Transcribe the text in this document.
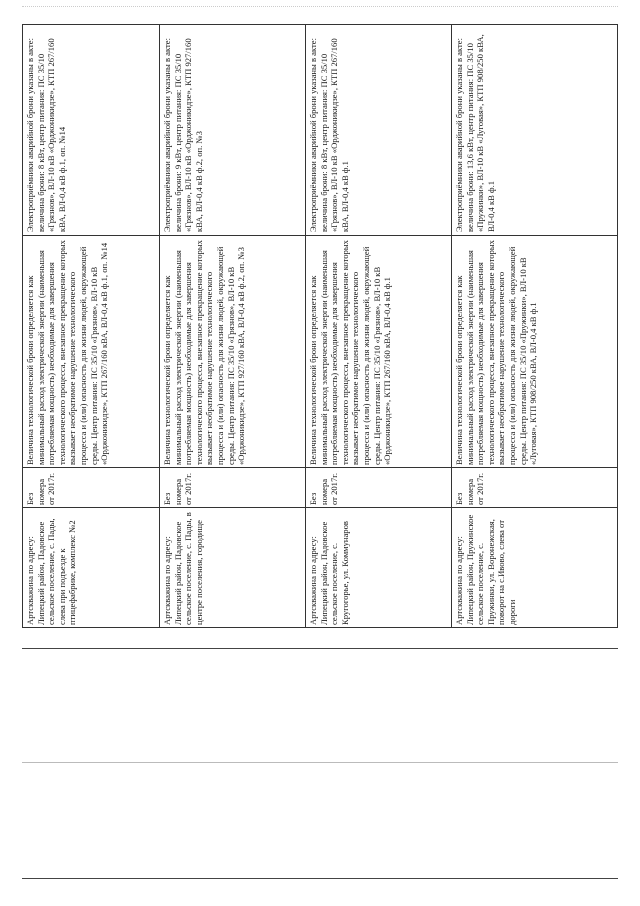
Артскважина по адресу: Липецкий район, Падовское сельское поселение, с. Пады, слева при подъезде к птицефабрике, комплекс №2
Без номера от 2017г.
Величина технологической брони определяется как минимальный расход электрической энергии (наименьшая потребляемая мощность) необходимые для завершения технологического процесса, внезапное прекращение которых вызывает необратимое нарушение технологического процесса и (или) опасность для жизни людей, окружающей среды. Центр питания: ПС 35/10 «Грязнов», ВЛ-10 кВ «Орджоникидзе», КТП 267/160 кВА, ВЛ-0,4 кВ ф.1, оп. №14
Электроприёмники аварийной брони указаны в акте: величина брони: 8 кВт, центр питания: ПС 35/10 «Грязнов», ВЛ-10 кВ «Орджоникидзе», КТП 267/160 кВА, ВЛ-0,4 кВ ф.1, оп. №14
Артскважина по адресу: Липецкий район, Падовское сельское поселение, с. Пады, в центре поселения, городище
Без номера от 2017г.
Величина технологической брони определяется как минимальный расход электрической энергии (наименьшая потребляемая мощность) необходимые для завершения технологического процесса, внезапное прекращение которых вызывает необратимое нарушение технологического процесса и (или) опасность для жизни людей, окружающей среды. Центр питания: ПС 35/10 «Грязнов», ВЛ-10 кВ «Орджоникидзе», КТП 927/160 кВА, ВЛ-0,4 кВ ф.2, оп. №3
Электроприёмники аварийной брони указаны в акте: величина брони: 9 кВт, центр питания: ПС 35/10 «Грязнов», ВЛ-10 кВ «Орджоникидзе», КТП 927/160 кВА, ВЛ-0,4 кВ ф.2, оп. №3
Артскважина по адресу: Липецкий район, Падовское сельское поселение, с. Кругогорье, ул. Коммунаров
Без номера от 2017г.
Величина технологической брони определяется как минимальный расход электрической энергии (наименьшая потребляемая мощность) необходимые для завершения технологического процесса, внезапное прекращение которых вызывает необратимое нарушение технологического процесса и (или) опасность для жизни людей, окружающей среды. Центр питания: ПС 35/10 «Грязнов», ВЛ-10 кВ «Орджоникидзе», КТП 267/160 кВА, ВЛ-0,4 кВ ф.1
Электроприёмники аварийной брони указаны в акте: величина брони: 8 кВт, центр питания: ПС 35/10 «Грязнов», ВЛ-10 кВ «Орджоникидзе», КТП 267/160 кВА, ВЛ-0,4 кВ ф.1
Артскважина по адресу: Липецкий район, Пружинское сельское поселение, с. Пружинки, ул. Воронежская, поворот на с.Ивово, слева от дороги
Без номера от 2017г.
Величина технологической брони определяется как минимальный расход электрической энергии (наименьшая потребляемая мощность) необходимые для завершения технологического процесса, внезапное прекращение которых вызывает необратимое нарушение технологического процесса и (или) опасность для жизни людей, окружающей среды. Центр питания: ПС 35/10 «Пружинки», ВЛ-10 кВ «Луговая», КТП 908/250 кВА, ВЛ-0,4 кВ ф.1
Электроприёмники аварийной брони указаны в акте: величина брони: 13,6 кВт, центр питания: ПС 35/10 «Пружинки», ВЛ-10 кВ «Луговая», КТП 908/250 кВА, ВЛ-0,4 кВ ф.1
